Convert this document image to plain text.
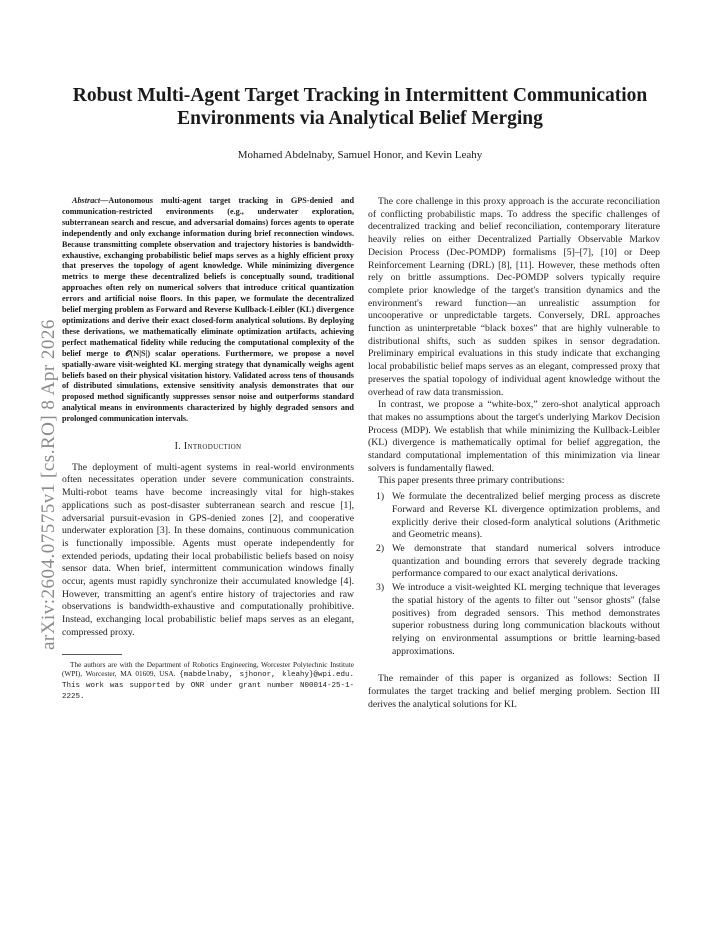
arXiv:2604.07575v1 [cs.RO] 8 Apr 2026
Robust Multi-Agent Target Tracking in Intermittent Communication Environments via Analytical Belief Merging

Mohamed Abdelnaby, Samuel Honor, and Kevin Leahy

Abstract—Autonomous multi-agent target tracking in GPS-denied and communication-restricted environments (e.g., underwater exploration, subterranean search and rescue, and adversarial domains) forces agents to operate independently and only exchange information during brief reconnection windows. Because transmitting complete observation and trajectory histories is bandwidth-exhaustive, exchanging probabilistic belief maps serves as a highly efficient proxy that preserves the topology of agent knowledge. While minimizing divergence metrics to merge these decentralized beliefs is conceptually sound, traditional approaches often rely on numerical solvers that introduce critical quantization errors and artificial noise floors. In this paper, we formulate the decentralized belief merging problem as Forward and Reverse Kullback-Leibler (KL) divergence optimizations and derive their exact closed-form analytical solutions. By deploying these derivations, we mathematically eliminate optimization artifacts, achieving perfect mathematical fidelity while reducing the computational complexity of the belief merge to 𝒪(N|S|) scalar operations. Furthermore, we propose a novel spatially-aware visit-weighted KL merging strategy that dynamically weighs agent beliefs based on their physical visitation history. Validated across tens of thousands of distributed simulations, extensive sensitivity analysis demonstrates that our proposed method significantly suppresses sensor noise and outperforms standard analytical means in environments characterized by highly degraded sensors and prolonged communication intervals.

I. Introduction

The deployment of multi-agent systems in real-world environments often necessitates operation under severe communication constraints. Multi-robot teams have become increasingly vital for high-stakes applications such as post-disaster subterranean search and rescue [1], adversarial pursuit-evasion in GPS-denied zones [2], and cooperative underwater exploration [3]. In these domains, continuous communication is functionally impossible. Agents must operate independently for extended periods, updating their local probabilistic beliefs based on noisy sensor data. When brief, intermittent communication windows finally occur, agents must rapidly synchronize their accumulated knowledge [4]. However, transmitting an agent's entire history of trajectories and raw observations is bandwidth-exhaustive and computationally prohibitive. Instead, exchanging local probabilistic belief maps serves as an elegant, compressed proxy.

The authors are with the Department of Robotics Engineering, Worcester Polytechnic Institute (WPI), Worcester, MA 01609, USA. {mabdelnaby, sjhonor, kleahy}@wpi.edu. This work was supported by ONR under grant number N00014-25-1-2225.

The core challenge in this proxy approach is the accurate reconciliation of conflicting probabilistic maps. To address the specific challenges of decentralized tracking and belief reconciliation, contemporary literature heavily relies on either Decentralized Partially Observable Markov Decision Process (Dec-POMDP) formalisms [5]–[7], [10] or Deep Reinforcement Learning (DRL) [8], [11]. However, these methods often rely on brittle assumptions. Dec-POMDP solvers typically require complete prior knowledge of the target's transition dynamics and the environment's reward function—an unrealistic assumption for uncooperative or unpredictable targets. Conversely, DRL approaches function as uninterpretable “black boxes” that are highly vulnerable to distributional shifts, such as sudden spikes in sensor degradation. Preliminary empirical evaluations in this study indicate that exchanging local probabilistic belief maps serves as an elegant, compressed proxy that preserves the spatial topology of individual agent knowledge without the overhead of raw data transmission.

In contrast, we propose a “white-box,” zero-shot analytical approach that makes no assumptions about the target's underlying Markov Decision Process (MDP). We establish that while minimizing the Kullback-Leibler (KL) divergence is mathematically optimal for belief aggregation, the standard computational implementation of this minimization via linear solvers is fundamentally flawed.

This paper presents three primary contributions:

1) We formulate the decentralized belief merging process as discrete Forward and Reverse KL divergence optimization problems, and explicitly derive their closed-form analytical solutions (Arithmetic and Geometric means).
2) We demonstrate that standard numerical solvers introduce quantization and bounding errors that severely degrade tracking performance compared to our exact analytical derivations.
3) We introduce a visit-weighted KL merging technique that leverages the spatial history of the agents to filter out "sensor ghosts" (false positives) from degraded sensors. This method demonstrates superior robustness during long communication blackouts without relying on environmental assumptions or brittle learning-based approximations.

The remainder of this paper is organized as follows: Section II formulates the target tracking and belief merging problem. Section III derives the analytical solutions for KL
